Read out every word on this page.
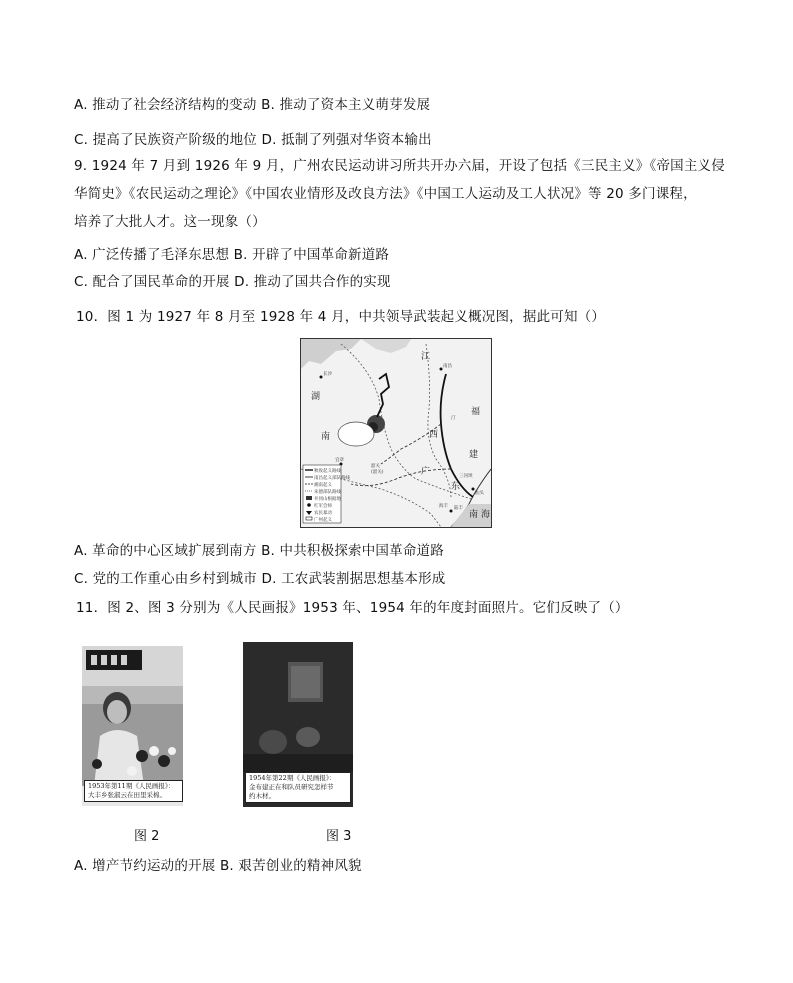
A. 推动了社会经济结构的变动 B. 推动了资本主义萌芽发展
C. 提高了民族资产阶级的地位 D. 抵制了列强对华资本输出
9. 1924 年 7 月到 1926 年 9 月，广州农民运动讲习所共开办六届，开设了包括《三民主义》《帝国主义侵
华简史》《农民运动之理论》《中国农业情形及改良方法》《中国工人运动及工人状况》等 20 多门课程，
培养了大批人才。这一现象（）
A. 广泛传播了毛泽东思想 B. 开辟了中国革命新道路
C. 配合了国民革命的开展 D. 推动了国共合作的实现
10．图 1 为 1927 年 8 月至 1928 年 4 月，中共领导武装起义概况图，据此可知（）
湖
南
江
西
福
建
广
东
南 海
长沙
南昌
汀
三河坝
汕头
海丰 陆丰
韶关
(韶关)
宜章
秋收起义路线
南昌起义部队路线
湘南起义
朱德部队路线
井冈山根据地
红军会师
农民暴动
广州起义
A. 革命的中心区域扩展到南方 B. 中共积极探索中国革命道路
C. 党的工作重心由乡村到城市 D. 工农武装割据思想基本形成
11．图 2、图 3 分别为《人民画报》1953 年、1954 年的年度封面照片。它们反映了（）
1953年第11期《人民画报》：
大丰乡张淑云在田里采棉。
1954年第22期《人民画报》：
金布建正在和队员研究怎样节
约木材。
图 2	图 3
A. 增产节约运动的开展 B. 艰苦创业的精神风貌
